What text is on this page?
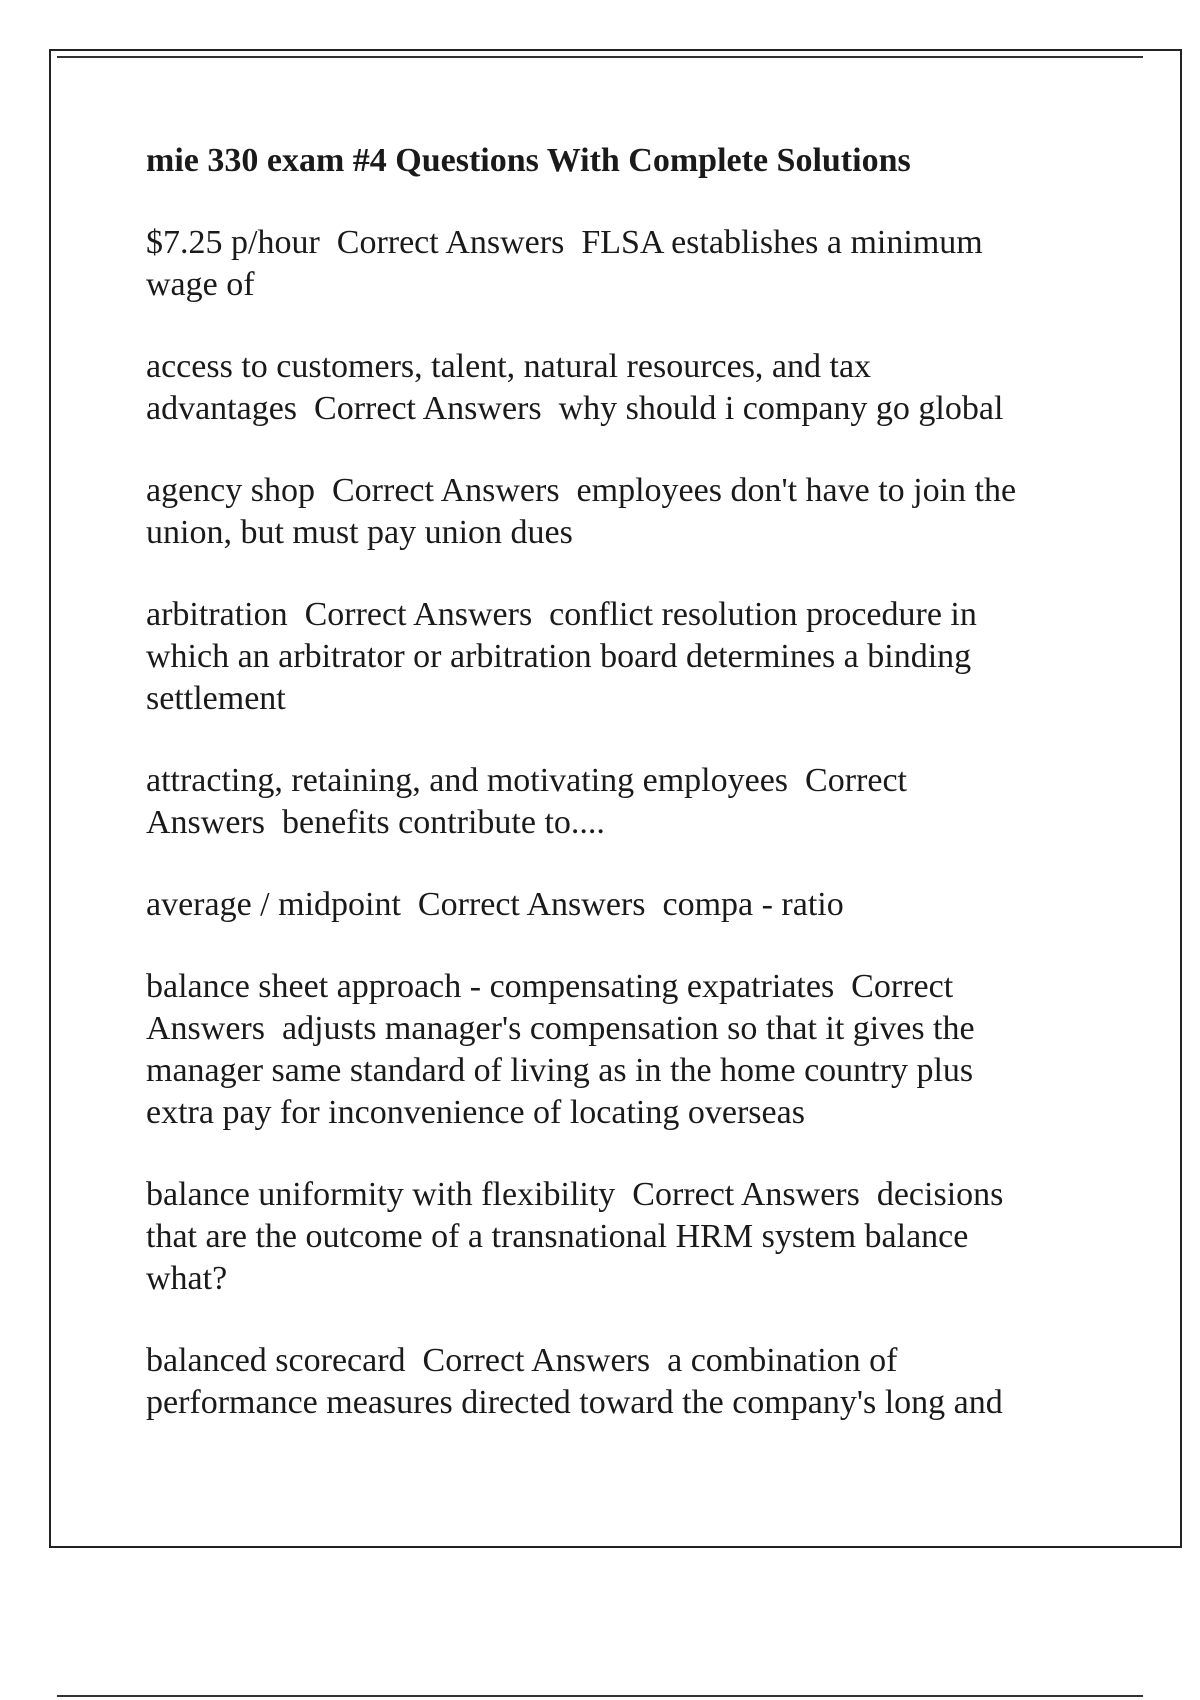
mie 330 exam #4 Questions With Complete Solutions

$7.25 p/hour  Correct Answers  FLSA establishes a minimum
wage of

access to customers, talent, natural resources, and tax
advantages  Correct Answers  why should i company go global

agency shop  Correct Answers  employees don't have to join the
union, but must pay union dues

arbitration  Correct Answers  conflict resolution procedure in
which an arbitrator or arbitration board determines a binding
settlement

attracting, retaining, and motivating employees  Correct
Answers  benefits contribute to....

average / midpoint  Correct Answers  compa - ratio

balance sheet approach - compensating expatriates  Correct
Answers  adjusts manager's compensation so that it gives the
manager same standard of living as in the home country plus
extra pay for inconvenience of locating overseas

balance uniformity with flexibility  Correct Answers  decisions
that are the outcome of a transnational HRM system balance
what?

balanced scorecard  Correct Answers  a combination of
performance measures directed toward the company's long and
